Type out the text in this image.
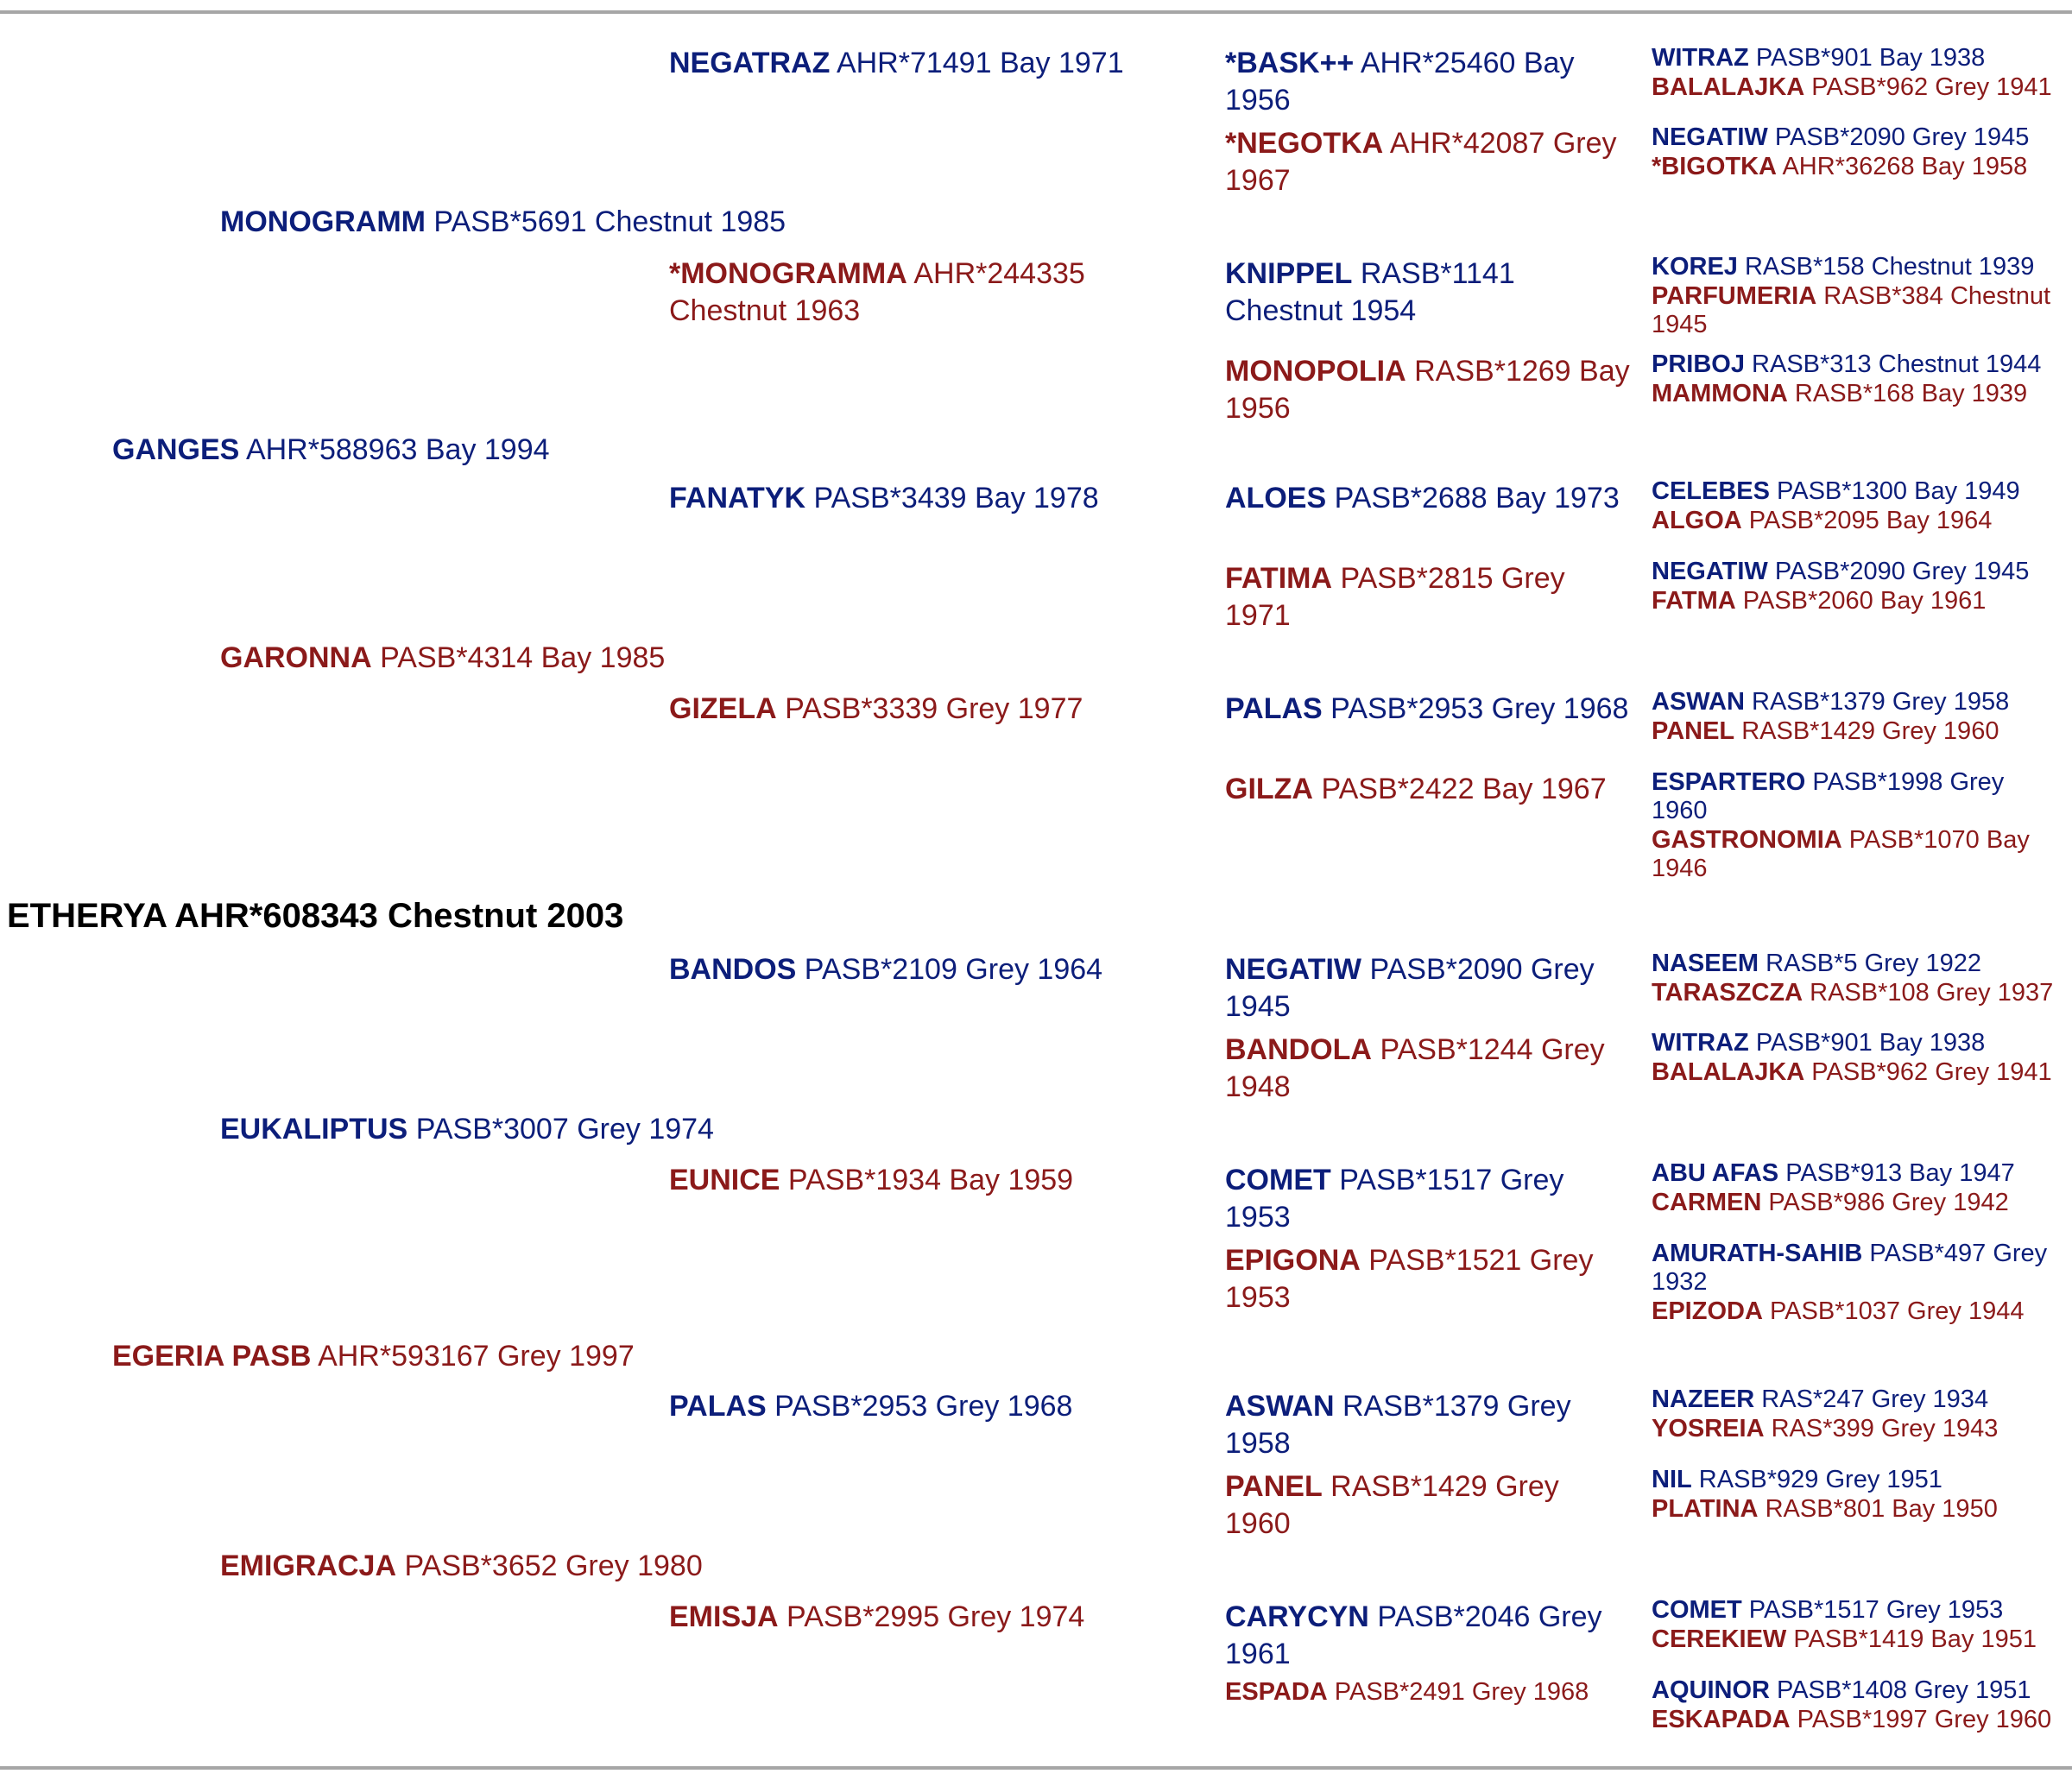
ETHERYA AHR*608343 Chestnut 2003
GANGES AHR*588963 Bay 1994
EGERIA PASB AHR*593167 Grey 1997
MONOGRAMM PASB*5691 Chestnut 1985
GARONNA PASB*4314 Bay 1985
EUKALIPTUS PASB*3007 Grey 1974
EMIGRACJA PASB*3652 Grey 1980
NEGATRAZ AHR*71491 Bay 1971
*MONOGRAMMA AHR*244335 Chestnut 1963
FANATYK PASB*3439 Bay 1978
GIZELA PASB*3339 Grey 1977
BANDOS PASB*2109 Grey 1964
EUNICE PASB*1934 Bay 1959
PALAS PASB*2953 Grey 1968
EMISJA PASB*2995 Grey 1974
*BASK++ AHR*25460 Bay 1956
*NEGOTKA AHR*42087 Grey 1967
KNIPPEL RASB*1141 Chestnut 1954
MONOPOLIA RASB*1269 Bay 1956
ALOES PASB*2688 Bay 1973
FATIMA PASB*2815 Grey 1971
PALAS PASB*2953 Grey 1968
GILZA PASB*2422 Bay 1967
NEGATIW PASB*2090 Grey 1945
BANDOLA PASB*1244 Grey 1948
COMET PASB*1517 Grey 1953
EPIGONA PASB*1521 Grey 1953
ASWAN RASB*1379 Grey 1958
PANEL RASB*1429 Grey 1960
CARYCYN PASB*2046 Grey 1961
ESPADA PASB*2491 Grey 1968
WITRAZ PASB*901 Bay 1938
BALALAJKA PASB*962 Grey 1941
NEGATIW PASB*2090 Grey 1945
*BIGOTKA AHR*36268 Bay 1958
KOREJ RASB*158 Chestnut 1939
PARFUMERIA RASB*384 Chestnut 1945
PRIBOJ RASB*313 Chestnut 1944
MAMMONA RASB*168 Bay 1939
CELEBES PASB*1300 Bay 1949
ALGOA PASB*2095 Bay 1964
NEGATIW PASB*2090 Grey 1945
FATMA PASB*2060 Bay 1961
ASWAN RASB*1379 Grey 1958
PANEL RASB*1429 Grey 1960
ESPARTERO PASB*1998 Grey 1960
GASTRONOMIA PASB*1070 Bay 1946
NASEEM RASB*5 Grey 1922
TARASZCZA RASB*108 Grey 1937
WITRAZ PASB*901 Bay 1938
BALALAJKA PASB*962 Grey 1941
ABU AFAS PASB*913 Bay 1947
CARMEN PASB*986 Grey 1942
AMURATH-SAHIB PASB*497 Grey 1932
EPIZODA PASB*1037 Grey 1944
NAZEER RAS*247 Grey 1934
YOSREIA RAS*399 Grey 1943
NIL RASB*929 Grey 1951
PLATINA RASB*801 Bay 1950
COMET PASB*1517 Grey 1953
CEREKIEW PASB*1419 Bay 1951
AQUINOR PASB*1408 Grey 1951
ESKAPADA PASB*1997 Grey 1960
